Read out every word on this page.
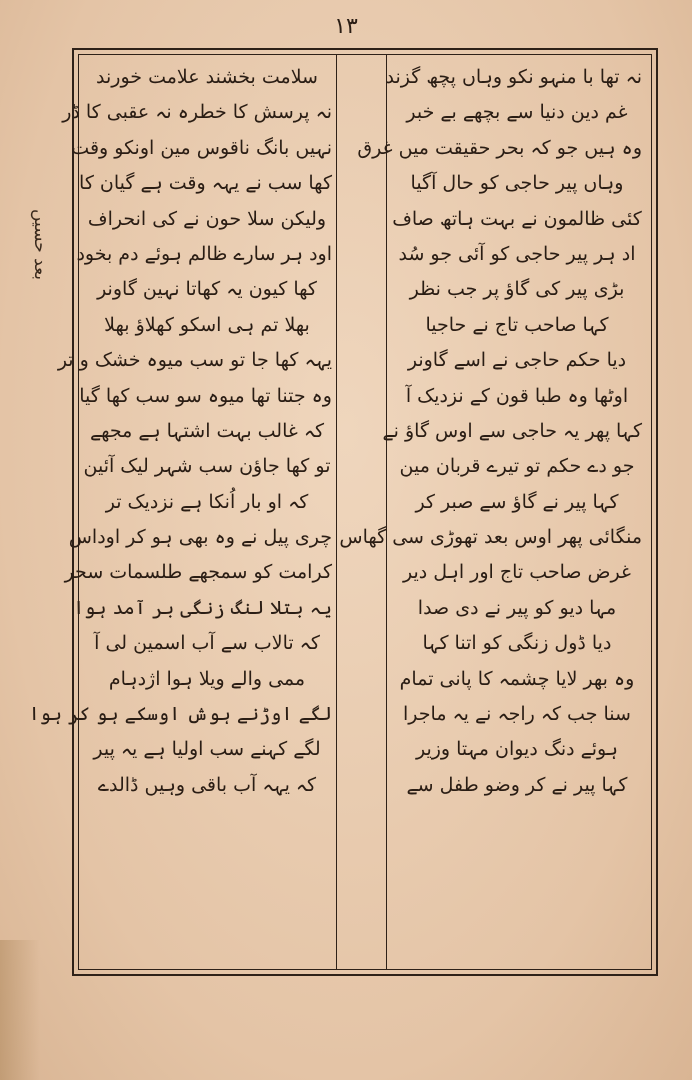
۱۳
بعد حسیں
نہ تھا با منہو نکو وہاں پچھ گزند
غم دین دنیا سے بچھے بے خبر
وہ ہیں جو کہ بحر حقیقت میں غرق
وہاں پیر حاجی کو حال آگیا
کئی ظالمون نے بہت ہاتھ صاف
اد ہر پیر حاجی کو آئی جو سُد
بڑی پیر کی گاؤ پر جب نظر
کہا صاحب تاج نے حاجیا
دیا حکم حاجی نے اسے گاونر
اوٹھا وہ طبا قون کے نزدیک آ
کہا پھر یہ حاجی سے اوس گاؤ نے
جو دے حکم تو تیرے قربان مین
کہا پیر نے گاؤ سے صبر کر
منگائی پھر اوس بعد تھوڑی سی گھاس
غرض صاحب تاج اور اہل دیر
مہا دیو کو پیر نے دی صدا
دیا ڈول زنگی کو اتنا کہا
وہ بھر لایا چشمہ کا پانی تمام
سنا جب کہ راجہ نے یہ ماجرا
ہوئے دنگ دیوان مہتا وزیر
کہا پیر نے کر وضو طفل سے
سلامت بخشند علامت خورند
نہ پرسش کا خطرہ نہ عقبی کا ڈر
نہیں بانگ ناقوس مین اونکو وقت
کھا سب نے یہہ وقت ہے گیان کا
ولیکن سلا حون نے کی انحراف
اود ہر سارے ظالم ہوئے دم بخود
کھا کیون یہ کھاتا نہین گاونر
بھلا تم ہی اسکو کھلاؤ بھلا
یہہ کھا جا تو سب میوہ خشک و تر
وہ جتنا تھا میوہ سو سب کھا گیا
کہ غالب بہت اشتہا ہے مجھے
تو کھا جاؤن سب شہر لیک آئین
کہ او بار اُنکا ہے نزدیک تر
چری پیل نے وہ بھی ہو کر اوداس
کرامت کو سمجھے طلسمات سحر
یہ بتلا لنگ زنگی بر آمد ہوا
کہ تالاب سے آب اسمین لی آ
ممی والے ویلا ہوا اژدہام
لگے اوڑنے ہوش اوسکے ہو کر ہوا
لگے کہنے سب اولیا ہے یہ پیر
کہ یہہ آب باقی وہیں ڈالدے
